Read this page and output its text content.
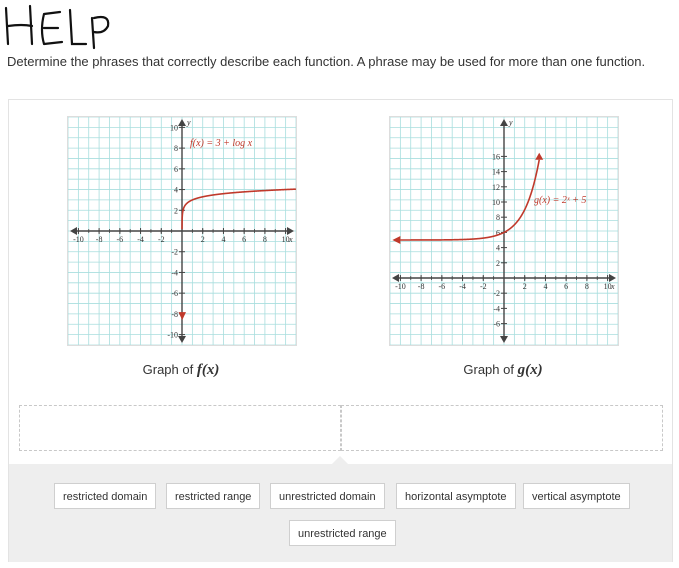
Determine the phrases that correctly describe each function. A phrase may be used for more than one function.
-10 -8 -6 -4 -2	2 4 6 8 10
10
8
6
4
2
-2
-4
-6
-8
-10
x
y
f(x) = 3 + log x
Graph of f(x)
-10 -8 -6 -4 -2	2 4 6 8 10
16
14
12
10
8
6
4
2
-2
-4
-6
x
y
g(x) = 2ˣ + 5
Graph of g(x)
restricted domain	restricted range	unrestricted domain	horizontal asymptote	vertical asymptote
unrestricted range
